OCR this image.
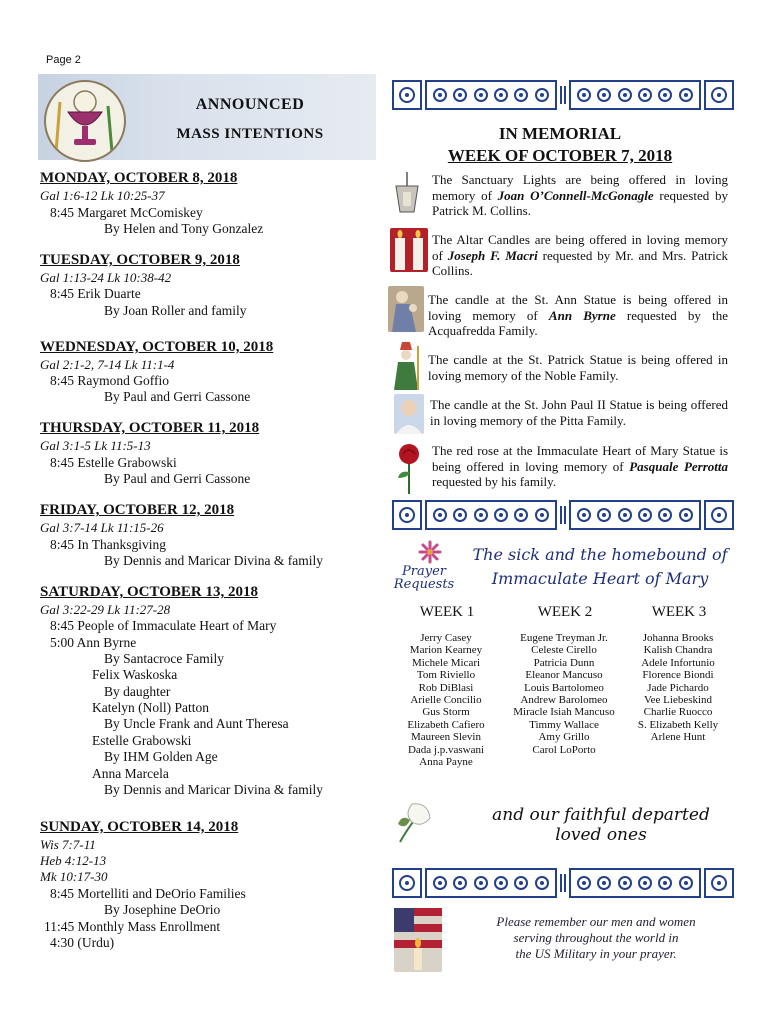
Page 2
ANNOUNCED
MASS INTENTIONS
MONDAY, OCTOBER 8, 2018
Gal 1:6-12 Lk 10:25-37
8:45 Margaret McComiskey
By Helen and Tony Gonzalez
TUESDAY, OCTOBER 9, 2018
Gal 1:13-24 Lk 10:38-42
8:45 Erik Duarte
By Joan Roller and family
WEDNESDAY, OCTOBER 10, 2018
Gal 2:1-2, 7-14 Lk 11:1-4
8:45 Raymond Goffio
By Paul and Gerri Cassone
THURSDAY, OCTOBER 11, 2018
Gal 3:1-5 Lk 11:5-13
8:45 Estelle Grabowski
By Paul and Gerri Cassone
FRIDAY, OCTOBER 12, 2018
Gal 3:7-14 Lk 11:15-26
8:45 In Thanksgiving
By Dennis and Maricar Divina & family
SATURDAY, OCTOBER 13, 2018
Gal 3:22-29 Lk 11:27-28
8:45 People of Immaculate Heart of Mary
5:00 Ann Byrne
By Santacroce Family
Felix Waskoska
By daughter
Katelyn (Noll) Patton
By Uncle Frank and Aunt Theresa
Estelle Grabowski
By IHM Golden Age
Anna Marcela
By Dennis and Maricar Divina & family
SUNDAY, OCTOBER 14, 2018
Wis 7:7-11
Heb 4:12-13
Mk 10:17-30
8:45 Mortelliti and DeOrio Families
By Josephine DeOrio
11:45 Monthly Mass Enrollment
4:30 (Urdu)
IN MEMORIAL
WEEK OF OCTOBER 7, 2018
The Sanctuary Lights are being offered in loving memory of Joan O’Connell-McGonagle requested by Patrick M. Collins.
The Altar Candles are being offered in loving memory of Joseph F. Macri requested by Mr. and Mrs. Patrick Collins.
The candle at the St. Ann Statue is being offered in loving memory of Ann Byrne requested by the Acquafredda Family.
The candle at the St. Patrick Statue is being offered in loving memory of the Noble Family.
The candle at the St. John Paul II Statue is being offered in loving memory of the Pitta Family.
The red rose at the Immaculate Heart of Mary Statue is being offered in loving memory of Pasquale Perrotta requested by his family.
Prayer
Requests
The sick and the homebound of
Immaculate Heart of Mary
WEEK 1	WEEK 2	WEEK 3
Jerry Casey
Marion Kearney
Michele Micari
Tom Riviello
Rob DiBlasi
Arielle Concilio
Gus Storm
Elizabeth Cafiero
Maureen Slevin
Dada j.p.vaswani
Anna Payne
Eugene Treyman Jr.
Celeste Cirello
Patricia Dunn
Eleanor Mancuso
Louis Bartolomeo
Andrew Barolomeo
Miracle Isiah Mancuso
Timmy Wallace
Amy Grillo
Carol LoPorto
Johanna Brooks
Kalish Chandra
Adele Infortunio
Florence Biondi
Jade Pichardo
Vee Liebeskind
Charlie Ruocco
S. Elizabeth Kelly
Arlene Hunt
and our faithful departed loved ones
Please remember our men and women
serving throughout the world in
the US Military in your prayer.
